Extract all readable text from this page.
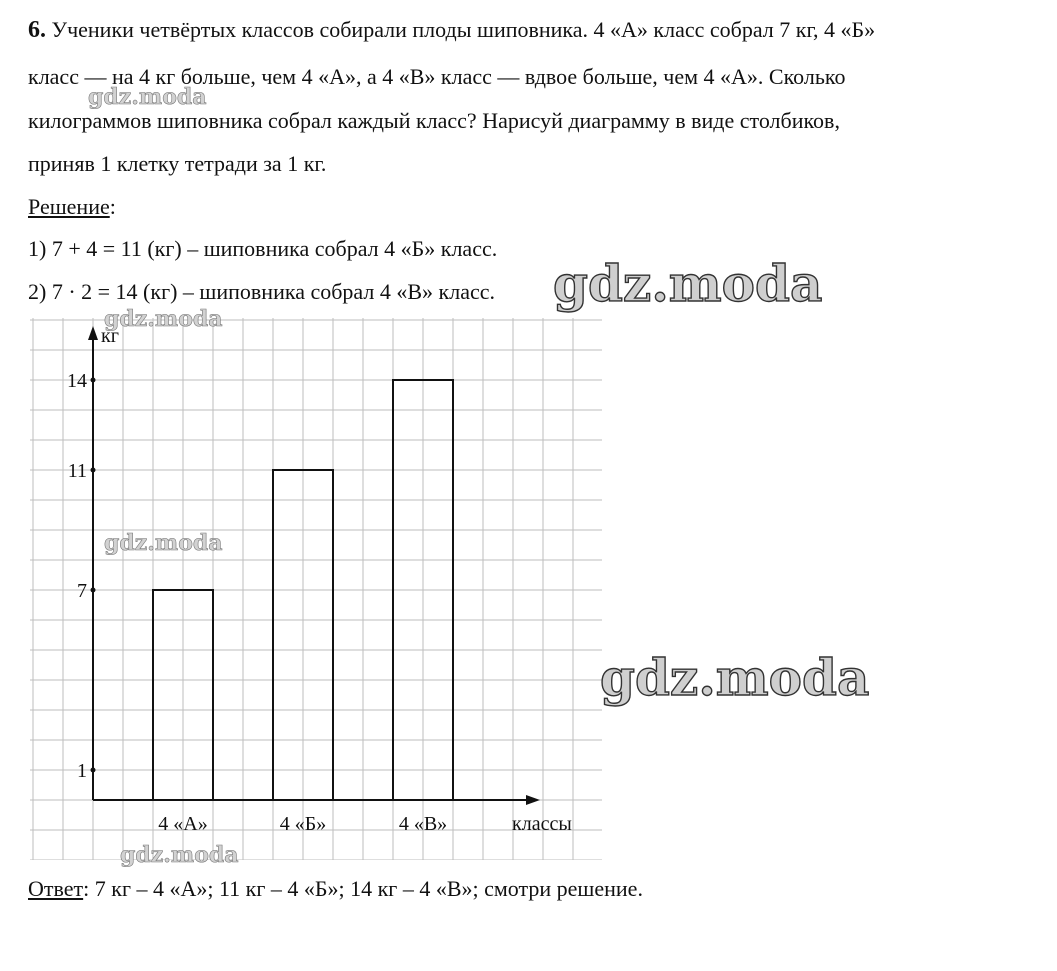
6. Ученики четвёртых классов собирали плоды шиповника. 4 «А» класс собрал 7 кг, 4 «Б»
класс — на 4 кг больше, чем 4 «А», а 4 «В» класс — вдвое больше, чем 4 «А». Сколько
килограммов шиповника собрал каждый класс? Нарисуй диаграмму в виде столбиков,
приняв 1 клетку тетради за 1 кг.
Решение:
1) 7 + 4 = 11 (кг) – шиповника собрал 4 «Б» класс.
2) 7 · 2 = 14 (кг) – шиповника собрал 4 «В» класс.
кг
классы
1
7
11
14
4 «А»	4 «Б»	4 «В»
Ответ: 7 кг – 4 «А»; 11 кг – 4 «Б»; 14 кг – 4 «В»; смотри решение.
gdz.moda
gdz.moda
gdz.moda
gdz.moda
gdz.moda
gdz.moda
